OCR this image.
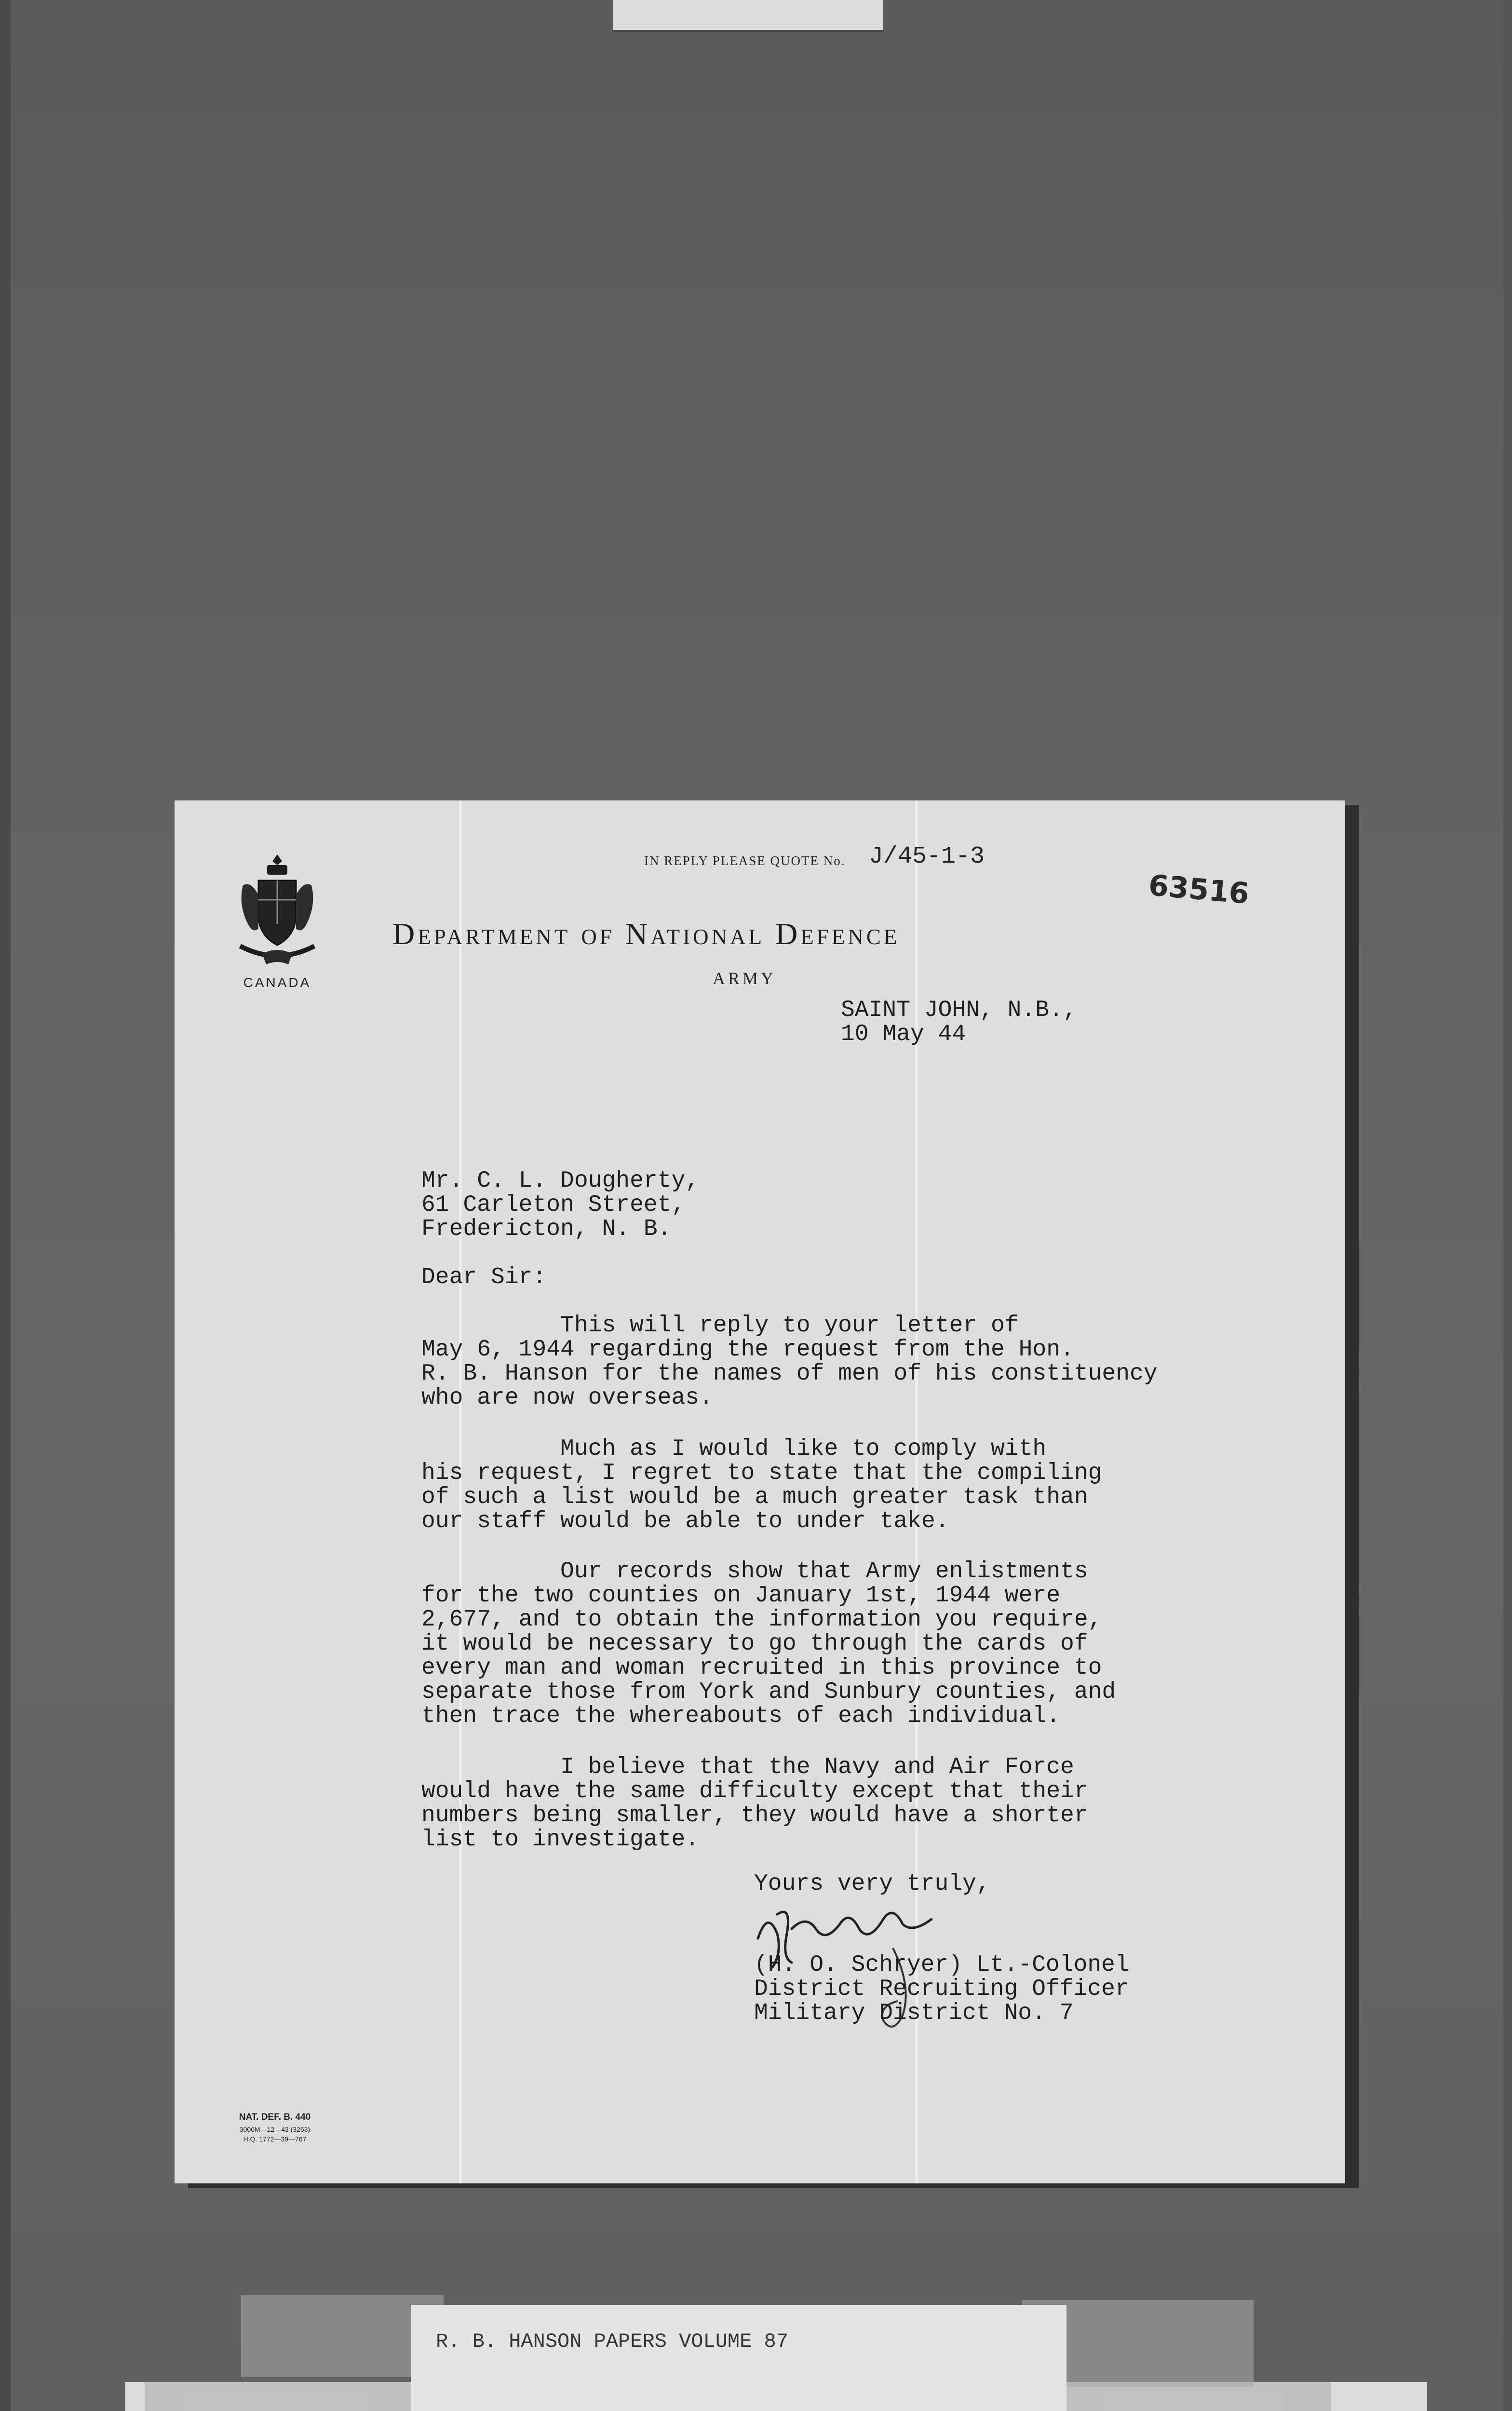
CANADA
IN REPLY PLEASE QUOTE No. J/45-1-3
63516
Department of National Defence
ARMY
SAINT JOHN, N.B.,
10 May 44
Mr. C. L. Dougherty,
61 Carleton Street,
Fredericton, N. B.
Dear Sir:
This will reply to your letter of
May 6, 1944 regarding the request from the Hon.
R. B. Hanson for the names of men of his constituency
who are now overseas.
Much as I would like to comply with
his request, I regret to state that the compiling
of such a list would be a much greater task than
our staff would be able to under take.
Our records show that Army enlistments
for the two counties on January 1st, 1944 were
2,677, and to obtain the information you require,
it would be necessary to go through the cards of
every man and woman recruited in this province to
separate those from York and Sunbury counties, and
then trace the whereabouts of each individual.
I believe that the Navy and Air Force
would have the same difficulty except that their
numbers being smaller, they would have a shorter
list to investigate.
Yours very truly,
(H. O. Schryer) Lt.-Colonel
District Recruiting Officer
Military District No. 7
NAT. DEF. B. 440
3000M—12—43 (3263)
H.Q. 1772—39—767
R. B. HANSON PAPERS VOLUME 87
